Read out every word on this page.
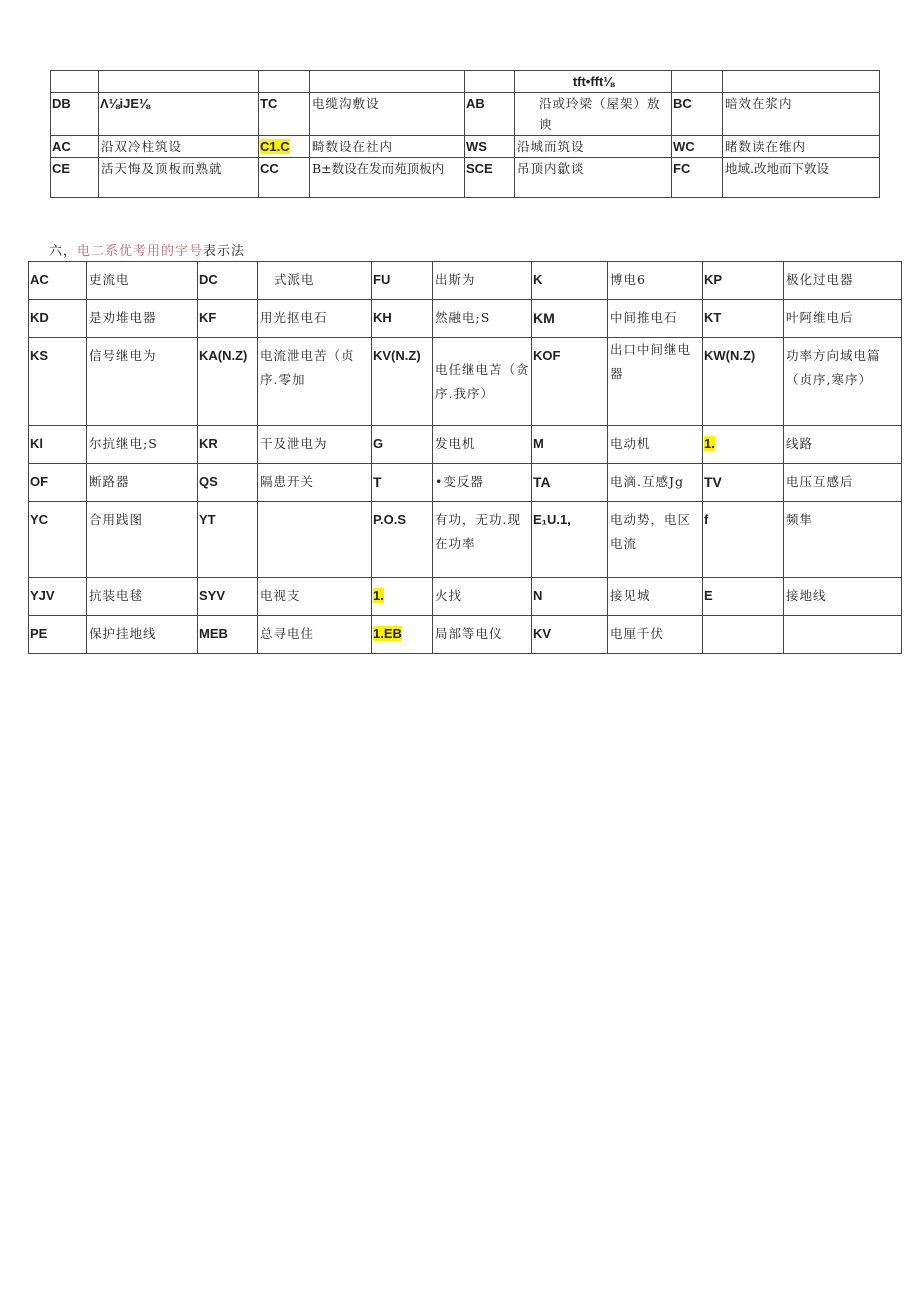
					tft•fft⅛		
DB	Λ⅛iJE⅛	TC	电缆沟敷设	AB	沿或玲梁（屋架）敖谀	BC	暗效在浆内
AC	沿双冷柱筑设	C1.C	畸数设在社内	WS	沿城而筑设	WC	睹数读在维内
CE	活天悔及顶板而熟就	CC	B±数设在发而苑顶板内	SCE	吊顶内歙谈	FC	地域.改地而下敦设
六，电二系优考用的字号表示法
AC	吏流电	DC	式派电	FU	出斯为	K	博电6	KP	极化过电器
KD	是劝堆电器	KF	用光抠电石	KH	然融电;S	KM	中间推电石	KT	叶阿维电后
KS	信号继电为	KA(N.Z)	电流泄电苦（贞序.零加	KV(N.Z)	电任继电苫（贪序.我序）	KOF	出口中间继电器	KW(N.Z)	功率方向域电篇（贞序,寒序）
Kl	尔抗继电;S	KR	干及泄电为	G	发电机	M	电动机	1.	线路
OF	断路器	QS	隔患开关	T	•变反器	TA	电滴.互感Jg	TV	电压互感后
YC	合用践图	YT		P.O.S	有功，无功.现在功率	E₁U.1,	电动势，电区电流	f	频隼
YJV	抗装电毬	SYV	电视支	1.	火找	N	接见城	E	接地线
PE	保护挂地线	MEB	总寻电住	1.EB	局部等电仪	KV	电厘千伏		
